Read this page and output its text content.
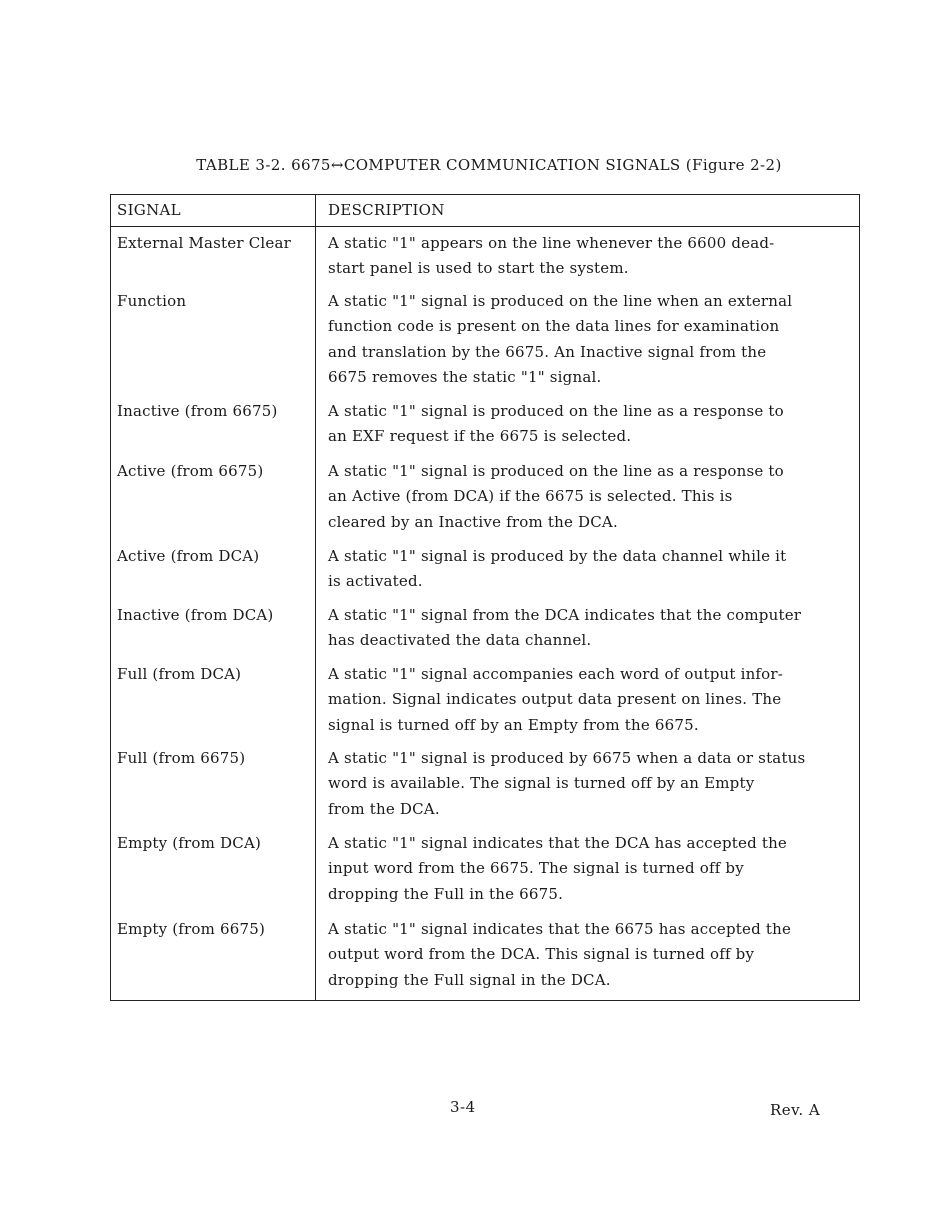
TABLE 3-2. 6675↔COMPUTER COMMUNICATION SIGNALS (Figure 2-2)
SIGNAL	DESCRIPTION
External Master Clear	A static "1" appears on the line whenever the 6600 dead-
start panel is used to start the system.
Function	A static "1" signal is produced on the line when an external
function code is present on the data lines for examination
and translation by the 6675. An Inactive signal from the
6675 removes the static "1" signal.
Inactive (from 6675)	A static "1" signal is produced on the line as a response to
an EXF request if the 6675 is selected.
Active (from 6675)	A static "1" signal is produced on the line as a response to
an Active (from DCA) if the 6675 is selected. This is
cleared by an Inactive from the DCA.
Active (from DCA)	A static "1" signal is produced by the data channel while it
is activated.
Inactive (from DCA)	A static "1" signal from the DCA indicates that the computer
has deactivated the data channel.
Full (from DCA)	A static "1" signal accompanies each word of output infor-
mation. Signal indicates output data present on lines. The
signal is turned off by an Empty from the 6675.
Full (from 6675)	A static "1" signal is produced by 6675 when a data or status
word is available. The signal is turned off by an Empty
from the DCA.
Empty (from DCA)	A static "1" signal indicates that the DCA has accepted the
input word from the 6675. The signal is turned off by
dropping the Full in the 6675.
Empty (from 6675)	A static "1" signal indicates that the 6675 has accepted the
output word from the DCA. This signal is turned off by
dropping the Full signal in the DCA.
3-4	Rev. A
